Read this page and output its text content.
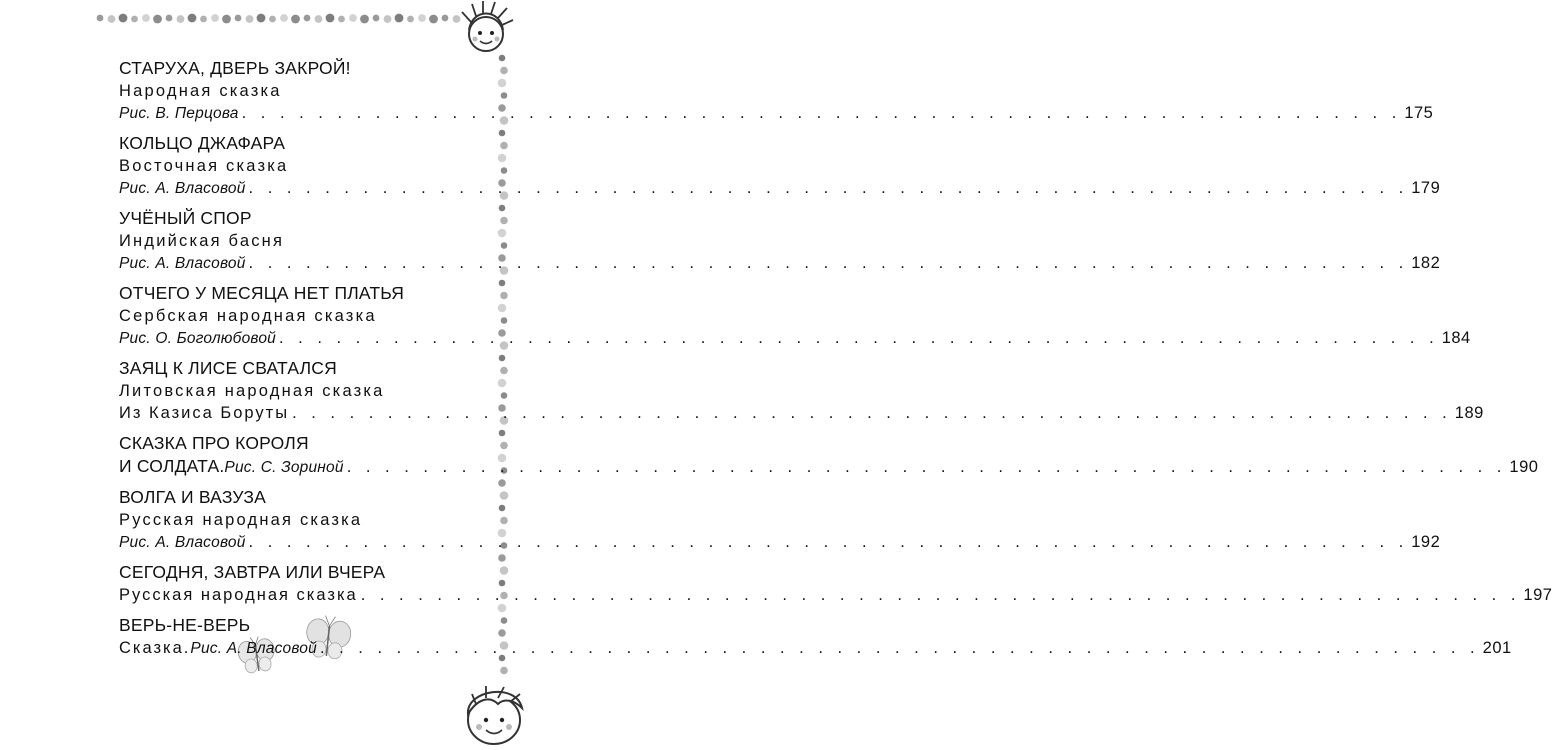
СТАРУХА, ДВЕРЬ ЗАКРОЙ!
Народная сказка
Рис. В. Перцова . . . . . . . . . . . . . . . . . . . . . . . . . . . . . . . . . . . . . . . . . . . . . . . . . . . . . . . . . . . . . 175
КОЛЬЦО ДЖАФАРА
Восточная сказка
Рис. А. Власовой . . . . . . . . . . . . . . . . . . . . . . . . . . . . . . . . . . . . . . . . . . . . . . . . . . . . . . . . . . . . . 179
УЧЁНЫЙ СПОР
Индийская басня
Рис. А. Власовой . . . . . . . . . . . . . . . . . . . . . . . . . . . . . . . . . . . . . . . . . . . . . . . . . . . . . . . . . . . . . 182
ОТЧЕГО У МЕСЯЦА НЕТ ПЛАТЬЯ
Сербская народная сказка
Рис. О. Боголюбовой . . . . . . . . . . . . . . . . . . . . . . . . . . . . . . . . . . . . . . . . . . . . . . . . . . . . . . . . . . . . . 184
ЗАЯЦ К ЛИСЕ СВАТАЛСЯ
Литовская народная сказка
Из Казиса Боруты . . . . . . . . . . . . . . . . . . . . . . . . . . . . . . . . . . . . . . . . . . . . . . . . . . . . . . . . . . . . . 189
СКАЗКА ПРО КОРОЛЯ
И СОЛДАТА. Рис. С. Зориной . . . . . . . . . . . . . . . . . . . . . . . . . . . . . . . . . . . . . . . . . . . . . . . . . . . . . . . . . . . . . 190
ВОЛГА И ВАЗУЗА
Русская народная сказка
Рис. А. Власовой . . . . . . . . . . . . . . . . . . . . . . . . . . . . . . . . . . . . . . . . . . . . . . . . . . . . . . . . . . . . . 192
СЕГОДНЯ, ЗАВТРА ИЛИ ВЧЕРА
Русская народная сказка . . . . . . . . . . . . . . . . . . . . . . . . . . . . . . . . . . . . . . . . . . . . . . . . . . . . . . . . . . . . . 197
ВЕРЬ-НЕ-ВЕРЬ
Сказка. Рис. А. Власовой . . . . . . . . . . . . . . . . . . . . . . . . . . . . . . . . . . . . . . . . . . . . . . . . . . . . . . . . . . . . . 201
